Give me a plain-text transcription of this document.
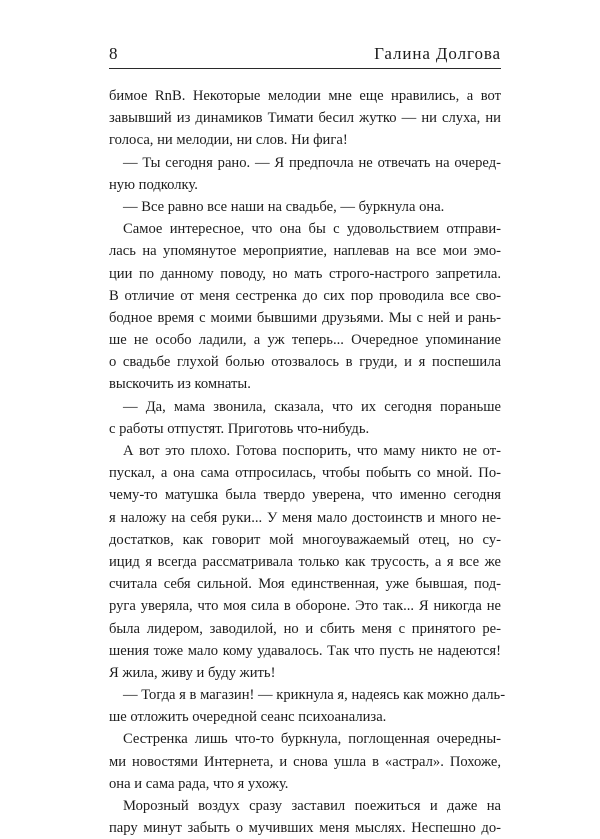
8	Галина Долгова
бимое RnB. Некоторые мелодии мне еще нравились, а вот
завывший из динамиков Тимати бесил жутко — ни слуха, ни
голоса, ни мелодии, ни слов. Ни фига!
— Ты сегодня рано. — Я предпочла не отвечать на очеред-
ную подколку.
— Все равно все наши на свадьбе, — буркнула она.
Самое интересное, что она бы с удовольствием отправи-
лась на упомянутое мероприятие, наплевав на все мои эмо-
ции по данному поводу, но мать строго-настрого запретила.
В отличие от меня сестренка до сих пор проводила все сво-
бодное время с моими бывшими друзьями. Мы с ней и рань-
ше не особо ладили, а уж теперь... Очередное упоминание
о свадьбе глухой болью отозвалось в груди, и я поспешила
выскочить из комнаты.
— Да, мама звонила, сказала, что их сегодня пораньше
с работы отпустят. Приготовь что-нибудь.
А вот это плохо. Готова поспорить, что маму никто не от-
пускал, а она сама отпросилась, чтобы побыть со мной. По-
чему-то матушка была твердо уверена, что именно сегодня
я наложу на себя руки... У меня мало достоинств и много не-
достатков, как говорит мой многоуважаемый отец, но су-
ицид я всегда рассматривала только как трусость, а я все же
считала себя сильной. Моя единственная, уже бывшая, под-
руга уверяла, что моя сила в обороне. Это так... Я никогда не
была лидером, заводилой, но и сбить меня с принятого ре-
шения тоже мало кому удавалось. Так что пусть не надеются!
Я жила, живу и буду жить!
— Тогда я в магазин! — крикнула я, надеясь как можно даль-
ше отложить очередной сеанс психоанализа.
Сестренка лишь что-то буркнула, поглощенная очередны-
ми новостями Интернета, и снова ушла в «астрал». Похоже,
она и сама рада, что я ухожу.
Морозный воздух сразу заставил поежиться и даже на
пару минут забыть о мучивших меня мыслях. Неспешно до-
